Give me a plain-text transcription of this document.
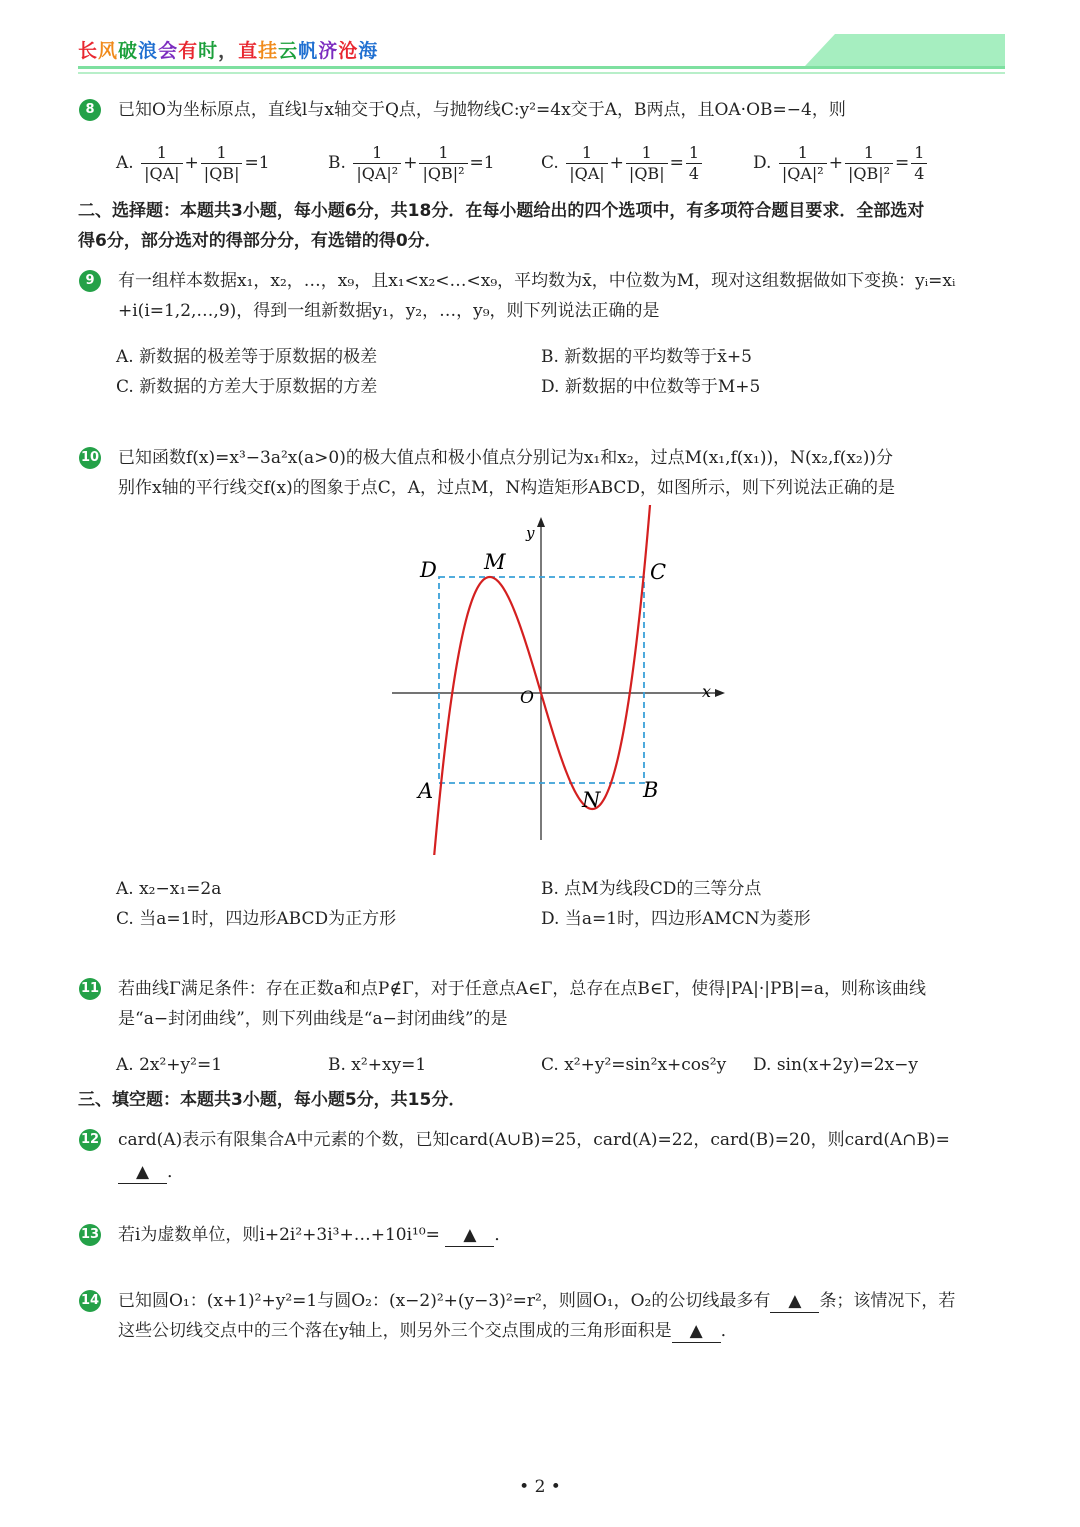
长风破浪会有时，直挂云帆济沧海
8	已知O为坐标原点，直线l与x轴交于Q点，与抛物线C:y²=4x交于A，B两点，且OA·OB=−4，则
A. $\frac{1}{|QA|} + \frac{1}{|QB|} =1$	B. $\frac{1}{\text{|QA|²}} + \frac{1}{\text{|QB|²}} =1$	C. $\frac{1}{|QA|} + \frac{1}{|QB|} = \frac{1}{4}$	D. $\frac{1}{\text{|QA|²}} + \frac{1}{\text{|QB|²}} = \frac{1}{4}$
二、选择题：本题共3小题，每小题6分，共18分．在每小题给出的四个选项中，有多项符合题目要求．全部选对
得6分，部分选对的得部分分，有选错的得0分．
9	有一组样本数据x₁，x₂，…，x₉，且x₁<x₂<…<x₉，平均数为x̄，中位数为M，现对这组数据做如下变换：yᵢ=xᵢ
+i(i=1,2,…,9)，得到一组新数据y₁，y₂，…，y₉，则下列说法正确的是
A. 新数据的极差等于原数据的极差	B. 新数据的平均数等于x̄+5
C. 新数据的方差大于原数据的方差	D. 新数据的中位数等于M+5
10 已知函数f(x)=x³−3a²x(a>0)的极大值点和极小值点分别记为x₁和x₂，过点M(x₁,f(x₁))，N(x₂,f(x₂))分
别作x轴的平行线交f(x)的图象于点C，A，过点M，N构造矩形ABCD，如图所示，则下列说法正确的是
D M	C
O	x
y
A	N B
A. x₂−x₁=2a	B. 点M为线段CD的三等分点
C. 当a=1时，四边形ABCD为正方形	D. 当a=1时，四边形AMCN为菱形
11 若曲线Γ满足条件：存在正数a和点P∉Γ，对于任意点A∈Γ，总存在点B∈Γ，使得|PA|·|PB|=a，则称该曲线
是“a−封闭曲线”，则下列曲线是“a−封闭曲线”的是
A. 2x²+y²=1	B. x²+xy=1	C. x²+y²=sin²x+cos²y D. sin(x+2y)=2x−y
三、填空题：本题共3小题，每小题5分，共15分．
12 card(A)表示有限集合A中元素的个数，已知card(A∪B)=25，card(A)=22，card(B)=20，则card(A∩B)=
▲ ．
13 若i为虚数单位，则i+2i²+3i³+…+10i¹⁰= ▲ ．
14 已知圆O₁：(x+1)²+y²=1与圆O₂：(x−2)²+(y−3)²=r²，则圆O₁，O₂的公切线最多有 ▲ 条；该情况下，若
这些公切线交点中的三个落在y轴上，则另外三个交点围成的三角形面积是 ▲ ．
• 2 •
